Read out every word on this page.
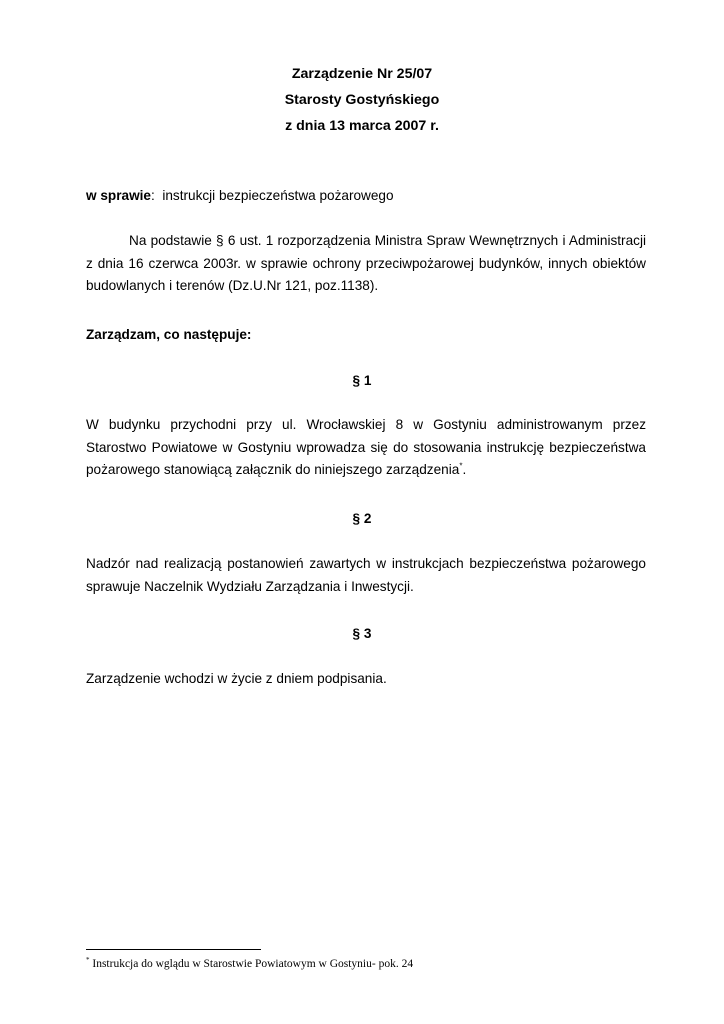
Zarządzenie Nr 25/07
Starosty Gostyńskiego
z dnia 13 marca 2007 r.
w sprawie: instrukcji bezpieczeństwa pożarowego
Na podstawie § 6 ust. 1 rozporządzenia Ministra Spraw Wewnętrznych i Administracji z dnia 16 czerwca 2003r. w sprawie ochrony przeciwpożarowej budynków, innych obiektów budowlanych i terenów (Dz.U.Nr 121, poz.1138).
Zarządzam, co następuje:
§ 1
W budynku przychodni przy ul. Wrocławskiej 8 w Gostyniu administrowanym przez Starostwo Powiatowe w Gostyniu wprowadza się do stosowania instrukcję bezpieczeństwa pożarowego stanowiącą załącznik do niniejszego zarządzenia*.
§ 2
Nadzór nad realizacją postanowień zawartych w instrukcjach bezpieczeństwa pożarowego sprawuje Naczelnik Wydziału Zarządzania i Inwestycji.
§ 3
Zarządzenie wchodzi w życie z dniem podpisania.
* Instrukcja do wglądu w Starostwie Powiatowym w Gostyniu- pok. 24
